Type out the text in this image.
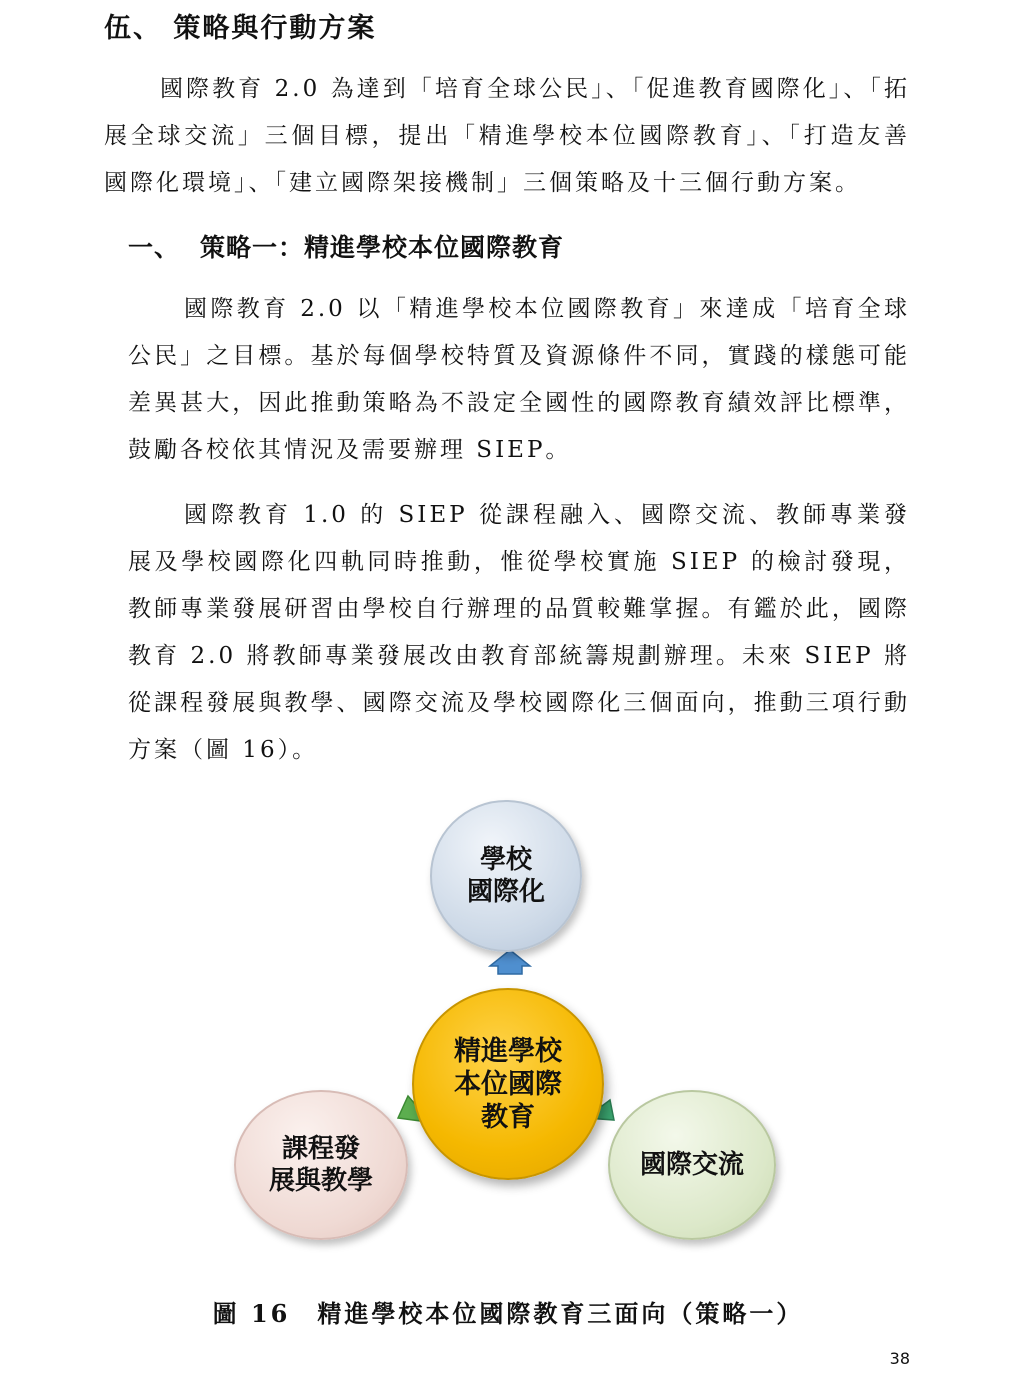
伍、 策略與行動方案

國際教育 2.0 為達到「培育全球公民」、「促進教育國際化」、「拓展全球交流」三個目標，提出「精進學校本位國際教育」、「打造友善國際化環境」、「建立國際架接機制」三個策略及十三個行動方案。

一、 策略一：精進學校本位國際教育

國際教育 2.0 以「精進學校本位國際教育」來達成「培育全球公民」之目標。基於每個學校特質及資源條件不同，實踐的樣態可能差異甚大，因此推動策略為不設定全國性的國際教育績效評比標準，鼓勵各校依其情況及需要辦理 SIEP。

國際教育 1.0 的 SIEP 從課程融入、國際交流、教師專業發展及學校國際化四軌同時推動，惟從學校實施 SIEP 的檢討發現，教師專業發展研習由學校自行辦理的品質較難掌握。有鑑於此，國際教育 2.0 將教師專業發展改由教育部統籌規劃辦理。未來 SIEP 將從課程發展與教學、國際交流及學校國際化三個面向，推動三項行動方案（圖 16）。

學校
國際化
精進學校
本位國際
教育
課程發
展與教學
國際交流
圖 16　精進學校本位國際教育三面向（策略一）
38
